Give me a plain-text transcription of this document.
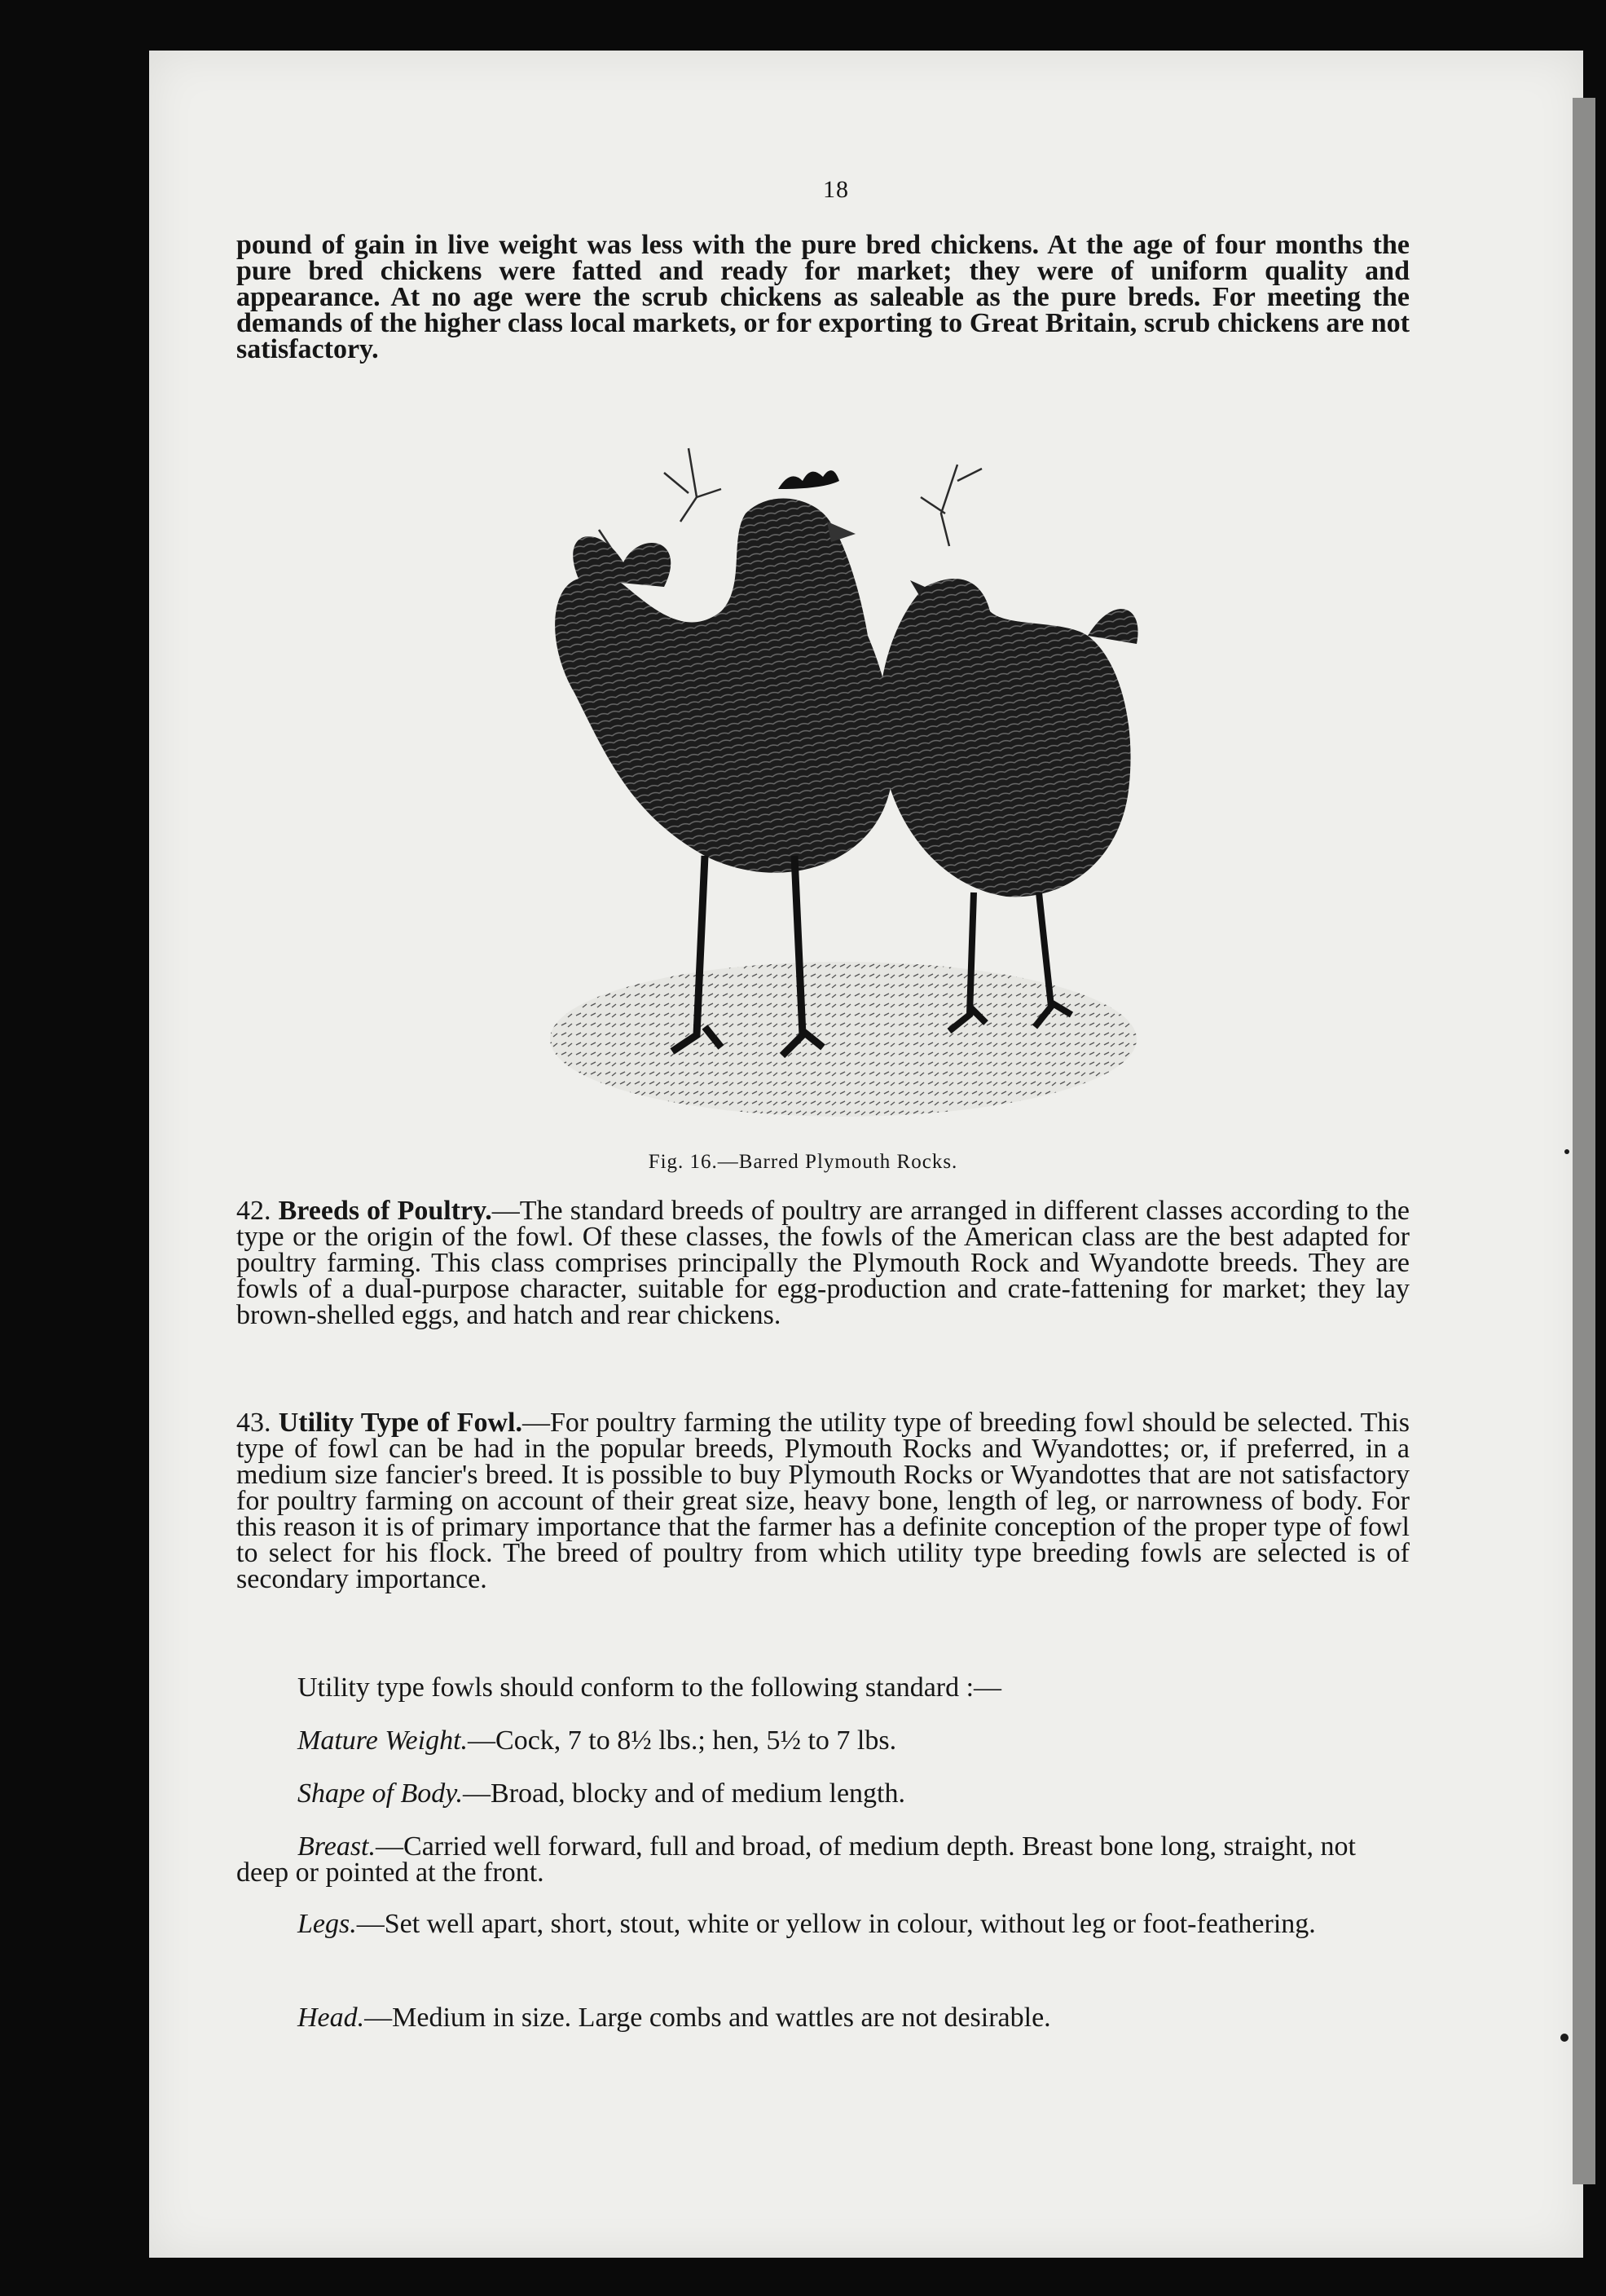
18

pound of gain in live weight was less with the pure bred chickens. At the age of four months the pure bred chickens were fatted and ready for market; they were of uniform quality and appearance. At no age were the scrub chickens as saleable as the pure breds. For meeting the demands of the higher class local markets, or for exporting to Great Britain, scrub chickens are not satisfactory.

Fig. 16.—Barred Plymouth Rocks.

42. Breeds of Poultry.—The standard breeds of poultry are arranged in different classes according to the type or the origin of the fowl. Of these classes, the fowls of the American class are the best adapted for poultry farming. This class comprises principally the Plymouth Rock and Wyandotte breeds. They are fowls of a dual-purpose character, suitable for egg-production and crate-fattening for market; they lay brown-shelled eggs, and hatch and rear chickens.

43. Utility Type of Fowl.—For poultry farming the utility type of breeding fowl should be selected. This type of fowl can be had in the popular breeds, Plymouth Rocks and Wyandottes; or, if preferred, in a medium size fancier's breed. It is possible to buy Plymouth Rocks or Wyandottes that are not satisfactory for poultry farming on account of their great size, heavy bone, length of leg, or narrowness of body. For this reason it is of primary importance that the farmer has a definite conception of the proper type of fowl to select for his flock. The breed of poultry from which utility type breeding fowls are selected is of secondary importance.

Utility type fowls should conform to the following standard :—

Mature Weight.—Cock, 7 to 8½ lbs.; hen, 5½ to 7 lbs.

Shape of Body.—Broad, blocky and of medium length.

Breast.—Carried well forward, full and broad, of medium depth. Breast bone long, straight, not deep or pointed at the front.

Legs.—Set well apart, short, stout, white or yellow in colour, without leg or foot-feathering.

Head.—Medium in size. Large combs and wattles are not desirable.
